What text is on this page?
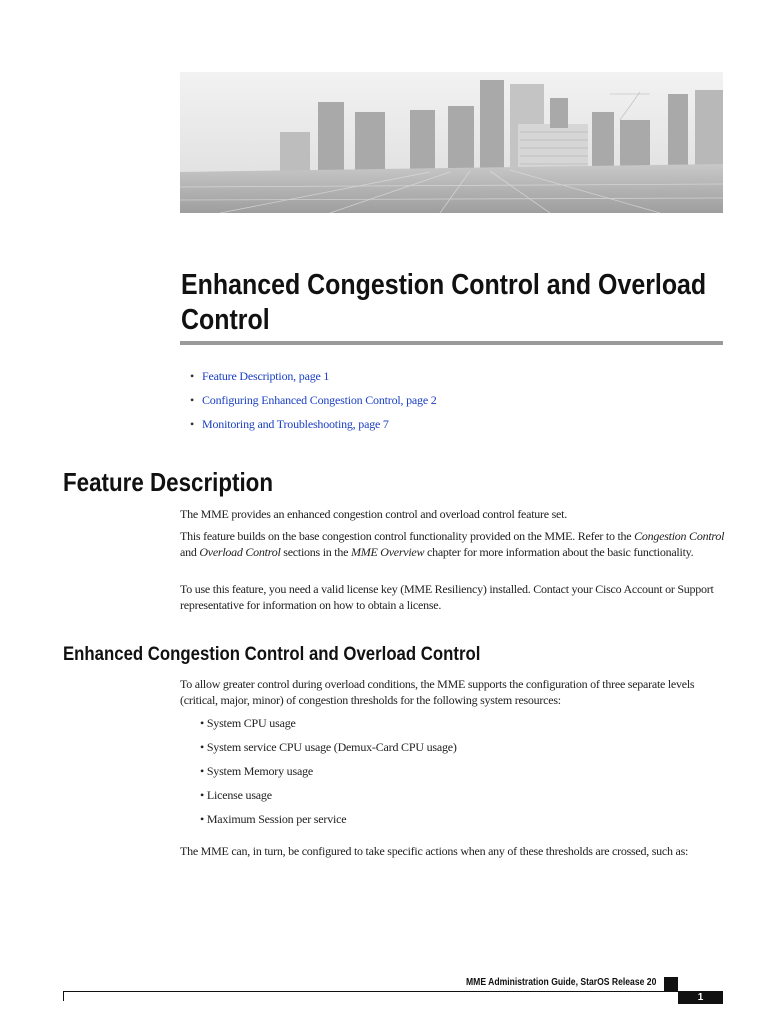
Enhanced Congestion Control and Overload Control
• Feature Description, page 1
• Configuring Enhanced Congestion Control, page 2
• Monitoring and Troubleshooting, page 7
Feature Description

The MME provides an enhanced congestion control and overload control feature set.

This feature builds on the base congestion control functionality provided on the MME. Refer to the Congestion Control and Overload Control sections in the MME Overview chapter for more information about the basic functionality.

To use this feature, you need a valid license key (MME Resiliency) installed. Contact your Cisco Account or Support representative for information on how to obtain a license.

Enhanced Congestion Control and Overload Control

To allow greater control during overload conditions, the MME supports the configuration of three separate levels (critical, major, minor) of congestion thresholds for the following system resources:

• System CPU usage
• System service CPU usage (Demux-Card CPU usage)
• System Memory usage
• License usage
• Maximum Session per service

The MME can, in turn, be configured to take specific actions when any of these thresholds are crossed, such as:

MME Administration Guide, StarOS Release 20
1
